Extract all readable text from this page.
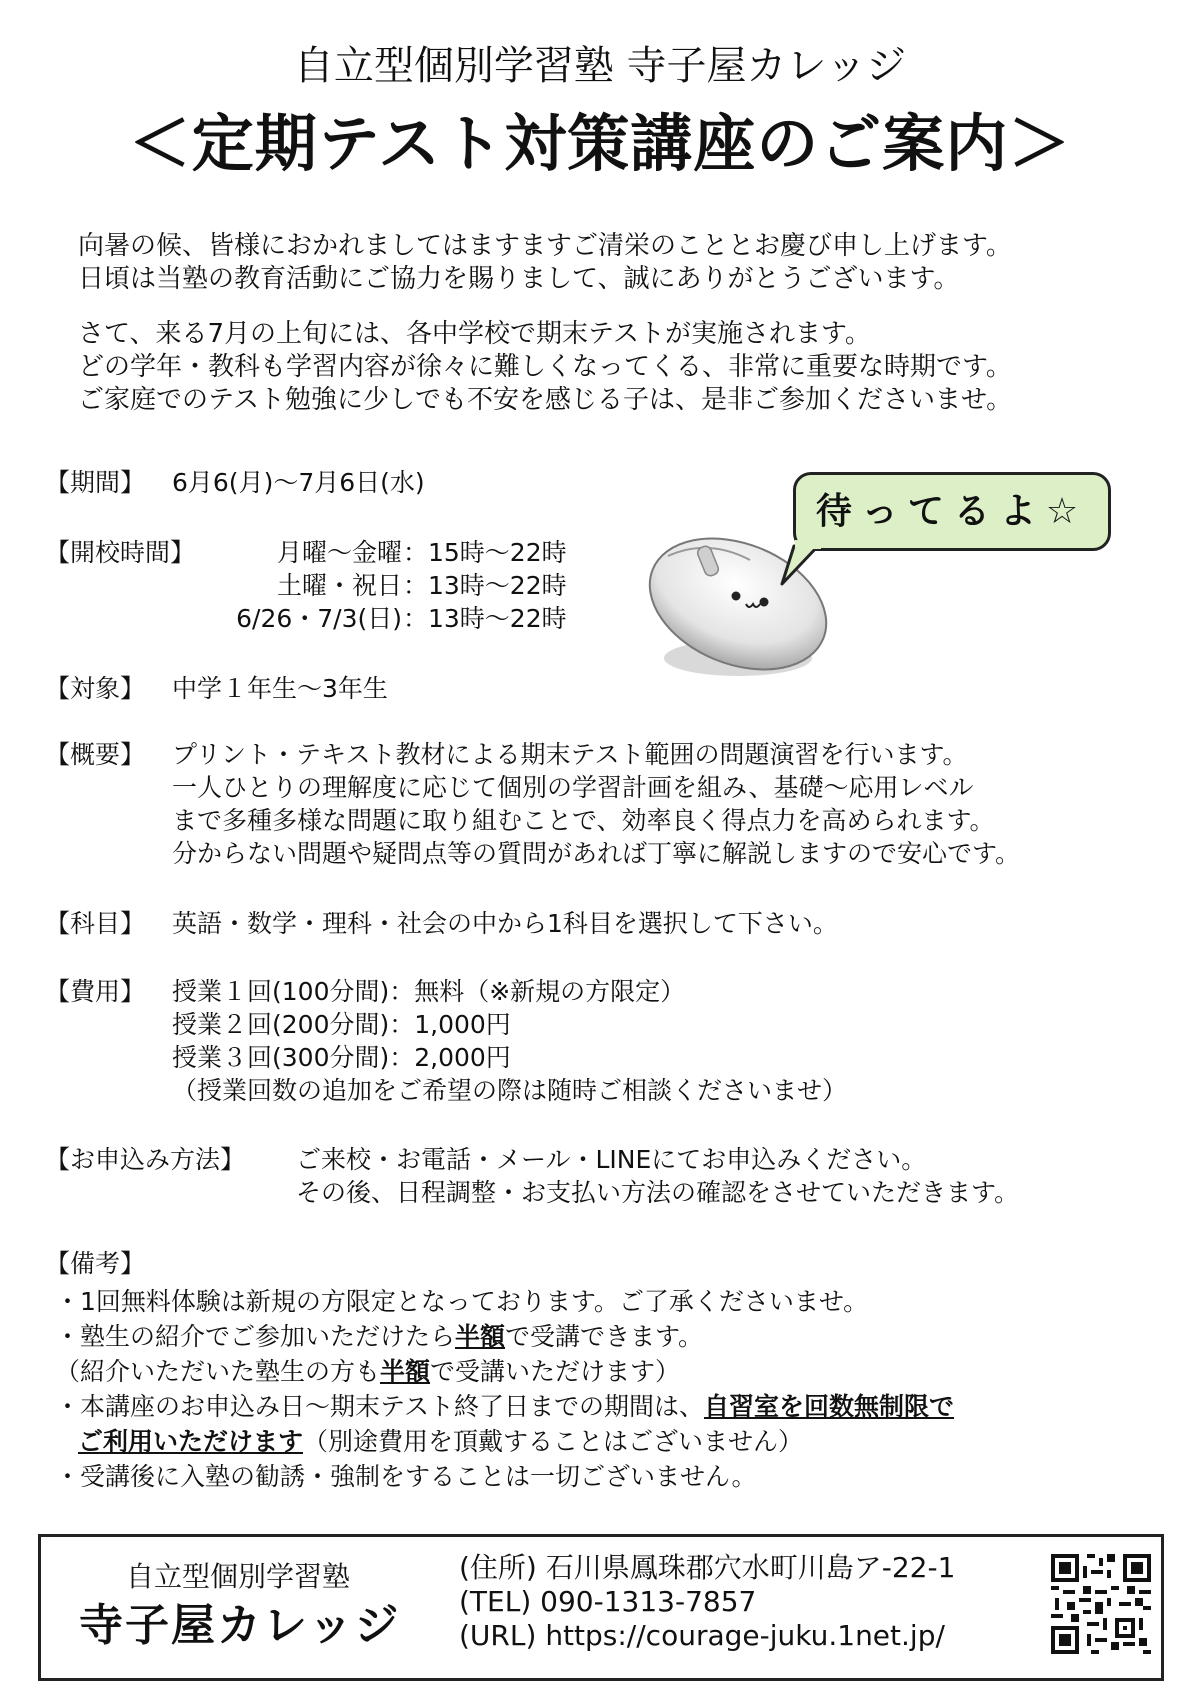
自立型個別学習塾 寺子屋カレッジ
＜定期テスト対策講座のご案内＞
向暑の候、皆様におかれましてはますますご清栄のこととお慶び申し上げます。
日頃は当塾の教育活動にご協力を賜りまして、誠にありがとうございます。
さて、来る7月の上旬には、各中学校で期末テストが実施されます。
どの学年・教科も学習内容が徐々に難しくなってくる、非常に重要な時期です。
ご家庭でのテスト勉強に少しでも不安を感じる子は、是非ご参加くださいませ。
【期間】 6月6(月)～7月6日(水)
【開校時間】	月曜～金曜
土曜・祝日
6/26・7/3(日)
：15時～22時
：13時～22時
：13時～22時
【対象】 中学１年生～3年生
【概要】 プリント・テキスト教材による期末テスト範囲の問題演習を行います。
一人ひとりの理解度に応じて個別の学習計画を組み、基礎～応用レベル
まで多種多様な問題に取り組むことで、効率良く得点力を高められます。
分からない問題や疑問点等の質問があれば丁寧に解説しますので安心です。
【科目】 英語・数学・理科・社会の中から1科目を選択して下さい。
【費用】 授業１回(100分間)：無料（※新規の方限定）
授業２回(200分間)：1,000円
授業３回(300分間)：2,000円
（授業回数の追加をご希望の際は随時ご相談くださいませ）
【お申込み方法】 ご来校・お電話・メール・LINEにてお申込みください。
その後、日程調整・お支払い方法の確認をさせていただきます。
待ってるよ☆
【備考】
・1回無料体験は新規の方限定となっております。ご了承くださいませ。
・塾生の紹介でご参加いただけたら半額で受講できます。
（紹介いただいた塾生の方も半額で受講いただけます）
・本講座のお申込み日～期末テスト終了日までの期間は、自習室を回数無制限で
ご利用いただけます（別途費用を頂戴することはございません）
・受講後に入塾の勧誘・強制をすることは一切ございません。
自立型個別学習塾
寺子屋カレッジ
(住所) 石川県鳳珠郡穴水町川島ア-22-1
(TEL) 090-1313-7857
(URL) https://courage-juku.1net.jp/
